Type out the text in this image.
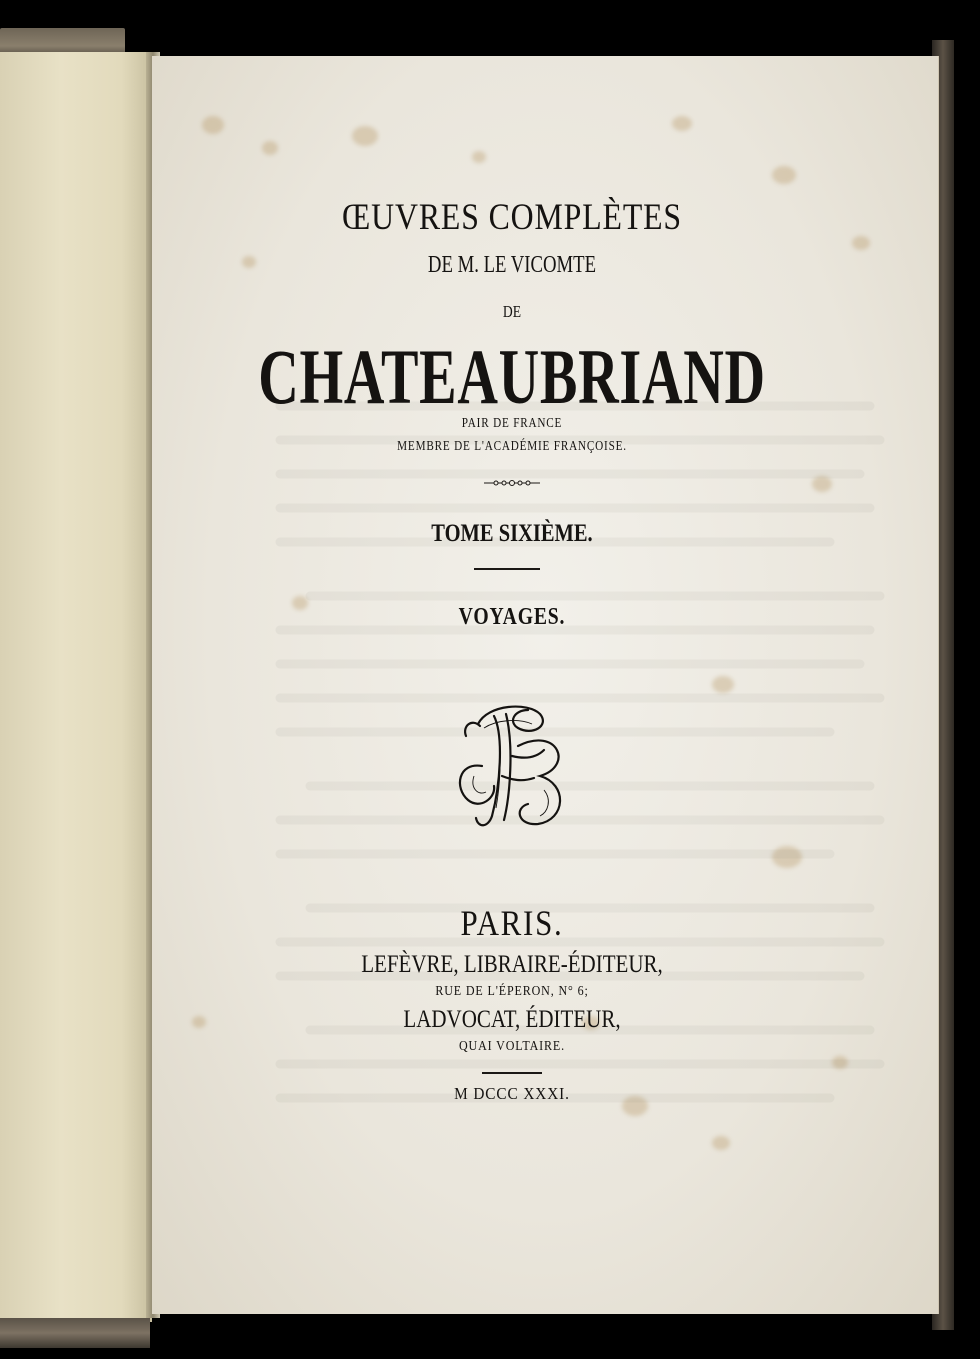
ŒUVRES COMPLÈTES
DE M. LE VICOMTE
DE
CHATEAUBRIAND
PAIR DE FRANCE
MEMBRE DE L'ACADÉMIE FRANÇOISE.
TOME SIXIÈME.
VOYAGES.
PARIS.
LEFÈVRE, LIBRAIRE-ÉDITEUR,
RUE DE L'ÉPERON, N° 6;
LADVOCAT, ÉDITEUR,
QUAI VOLTAIRE.
M DCCC XXXI.
